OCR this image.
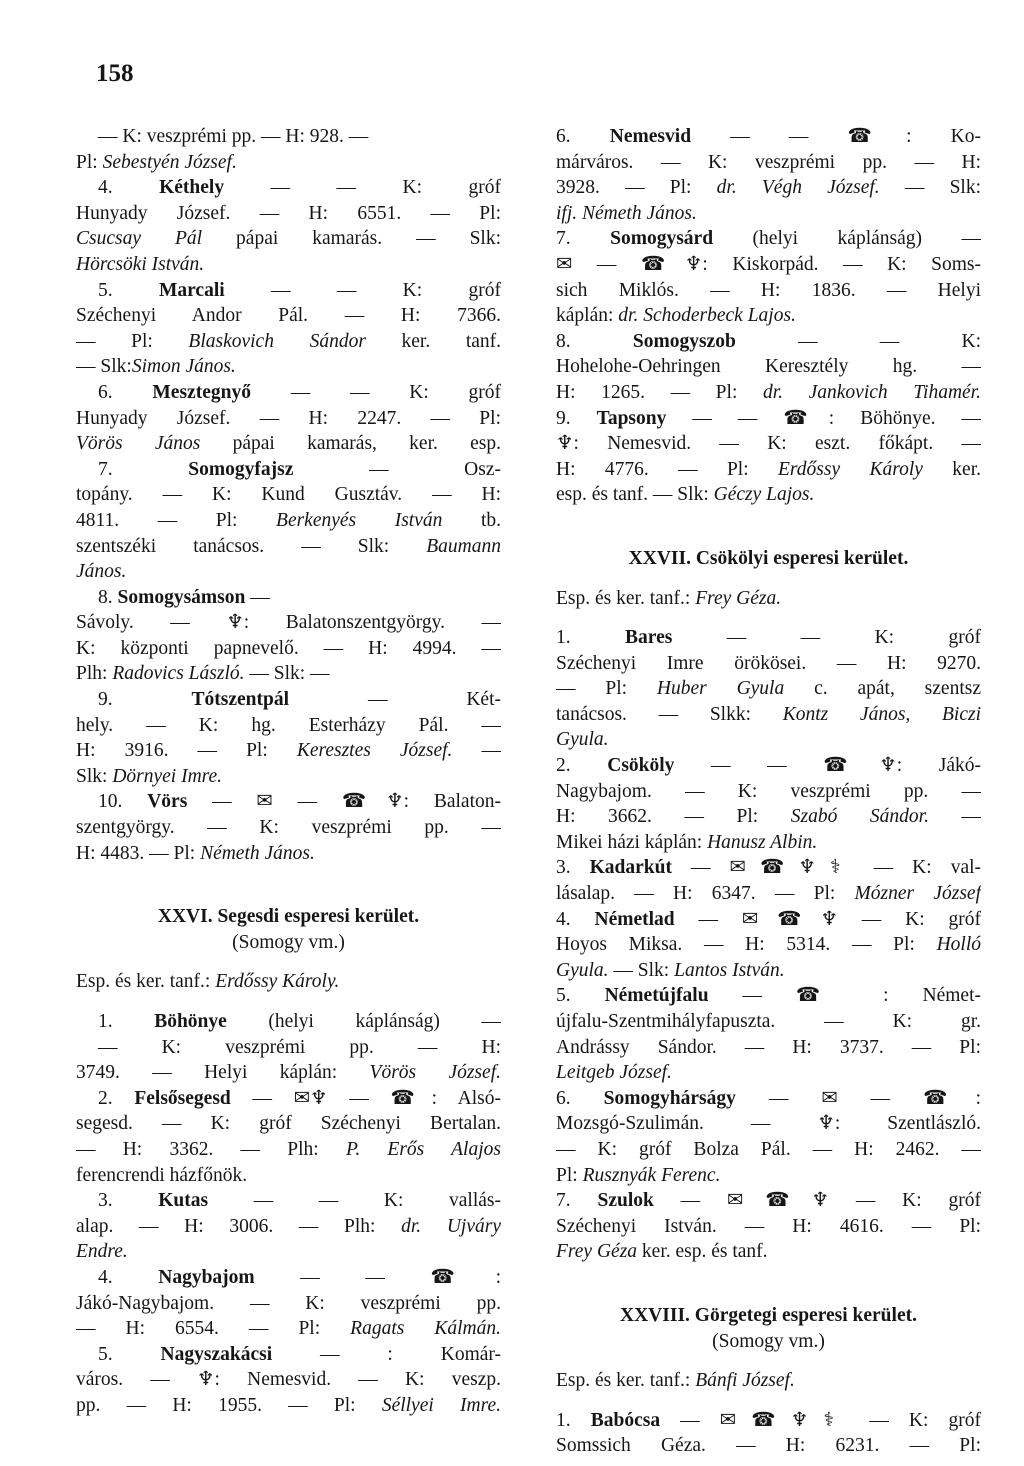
158
— K: veszprémi pp. — H: 928. —
Pl: Sebestyén József.
4. Kéthely — — K: gróf
Hunyady József. — H: 6551. — Pl:
Csucsay Pál pápai kamarás. — Slk:
Hörcsöki István.
5. Marcali — — K: gróf
Széchenyi Andor Pál. — H: 7366.
— Pl: Blaskovich Sándor ker. tanf.
— Slk:Simon János.
6. Mesztegnyő — — K: gróf
Hunyady József. — H: 2247. — Pl:
Vörös János pápai kamarás, ker. esp.
7. Somogyfajsz — Osz-
topány. — K: Kund Gusztáv. — H:
4811. — Pl: Berkenyés István tb.
szentszéki tanácsos. — Slk: Baumann
János.
8. Somogysámson —
Sávoly. — ♆: Balatonszentgyörgy. —
K: központi papnevelő. — H: 4994. —
Plh: Radovics László. — Slk: —
9. Tótszentpál — Két-
hely. — K: hg. Esterházy Pál. —
H: 3916. — Pl: Keresztes József. —
Slk: Dörnyei Imre.
10. Vörs — ✉ — ☎♆: Balaton-
szentgyörgy. — K: veszprémi pp. —
H: 4483. — Pl: Németh János.
XXVI. Segesdi esperesi kerület.
(Somogy vm.)
Esp. és ker. tanf.: Erdőssy Károly.
1. Böhönye (helyi káplánság) —
— K: veszprémi pp. — H:
3749. — Helyi káplán: Vörös József.
2. Felsősegesd — ✉♆ — ☎: Alsó-
segesd. — K: gróf Széchenyi Bertalan.
— H: 3362. — Plh: P. Erős Alajos
ferencrendi házfőnök.
3. Kutas — — K: vallás-
alap. — H: 3006. — Plh: dr. Ujváry
Endre.
4. Nagybajom — — ☎:
Jákó-Nagybajom. — K: veszprémi pp.
— H: 6554. — Pl: Ragats Kálmán.
5. Nagyszakácsi — : Komár-
város. — ♆: Nemesvid. — K: veszp.
pp. — H: 1955. — Pl: Séllyei Imre.
6. Nemesvid — — ☎: Ko-
márváros. — K: veszprémi pp. — H:
3928. — Pl: dr. Végh József. — Slk:
ifj. Németh János.
7. Somogysárd (helyi káplánság) —
✉ — ☎♆: Kiskorpád. — K: Soms-
sich Miklós. — H: 1836. — Helyi
káplán: dr. Schoderbeck Lajos.
8. Somogyszob — — K:
Hohelohe-Oehringen Keresztély hg. —
H: 1265. — Pl: dr. Jankovich Tihamér.
9. Tapsony — — ☎: Böhönye. —
♆: Nemesvid. — K: eszt. főkápt. —
H: 4776. — Pl: Erdőssy Károly ker.
esp. és tanf. — Slk: Géczy Lajos.
XXVII. Csökölyi esperesi kerület.
Esp. és ker. tanf.: Frey Géza.
1. Bares — — K: gróf
Széchenyi Imre örökösei. — H: 9270.
— Pl: Huber Gyula c. apát, szentsz
tanácsos. — Slkk: Kontz János, Biczi
Gyula.
2. Csököly — — ☎♆: Jákó-
Nagybajom. — K: veszprémi pp. —
H: 3662. — Pl: Szabó Sándor. —
Mikei házi káplán: Hanusz Albin.
3. Kadarkút — ✉☎♆⚕ — K: val-
lásalap. — H: 6347. — Pl: Mózner József
4. Németlad — ✉☎♆ — K: gróf
Hoyos Miksa. — H: 5314. — Pl: Holló
Gyula. — Slk: Lantos István.
5. Németújfalu — ☎ : Német-
újfalu-Szentmihályfapuszta. — K: gr.
Andrássy Sándor. — H: 3737. — Pl:
Leitgeb József.
6. Somogyhárságy — ✉ — ☎:
Mozsgó-Szulimán. — ♆: Szentlászló.
— K: gróf Bolza Pál. — H: 2462. —
Pl: Rusznyák Ferenc.
7. Szulok — ✉☎♆ — K: gróf
Széchenyi István. — H: 4616. — Pl:
Frey Géza ker. esp. és tanf.
XXVIII. Görgetegi esperesi kerület.
(Somogy vm.)
Esp. és ker. tanf.: Bánfi József.
1. Babócsa — ✉☎♆⚕ — K: gróf
Somssich Géza. — H: 6231. — Pl:
